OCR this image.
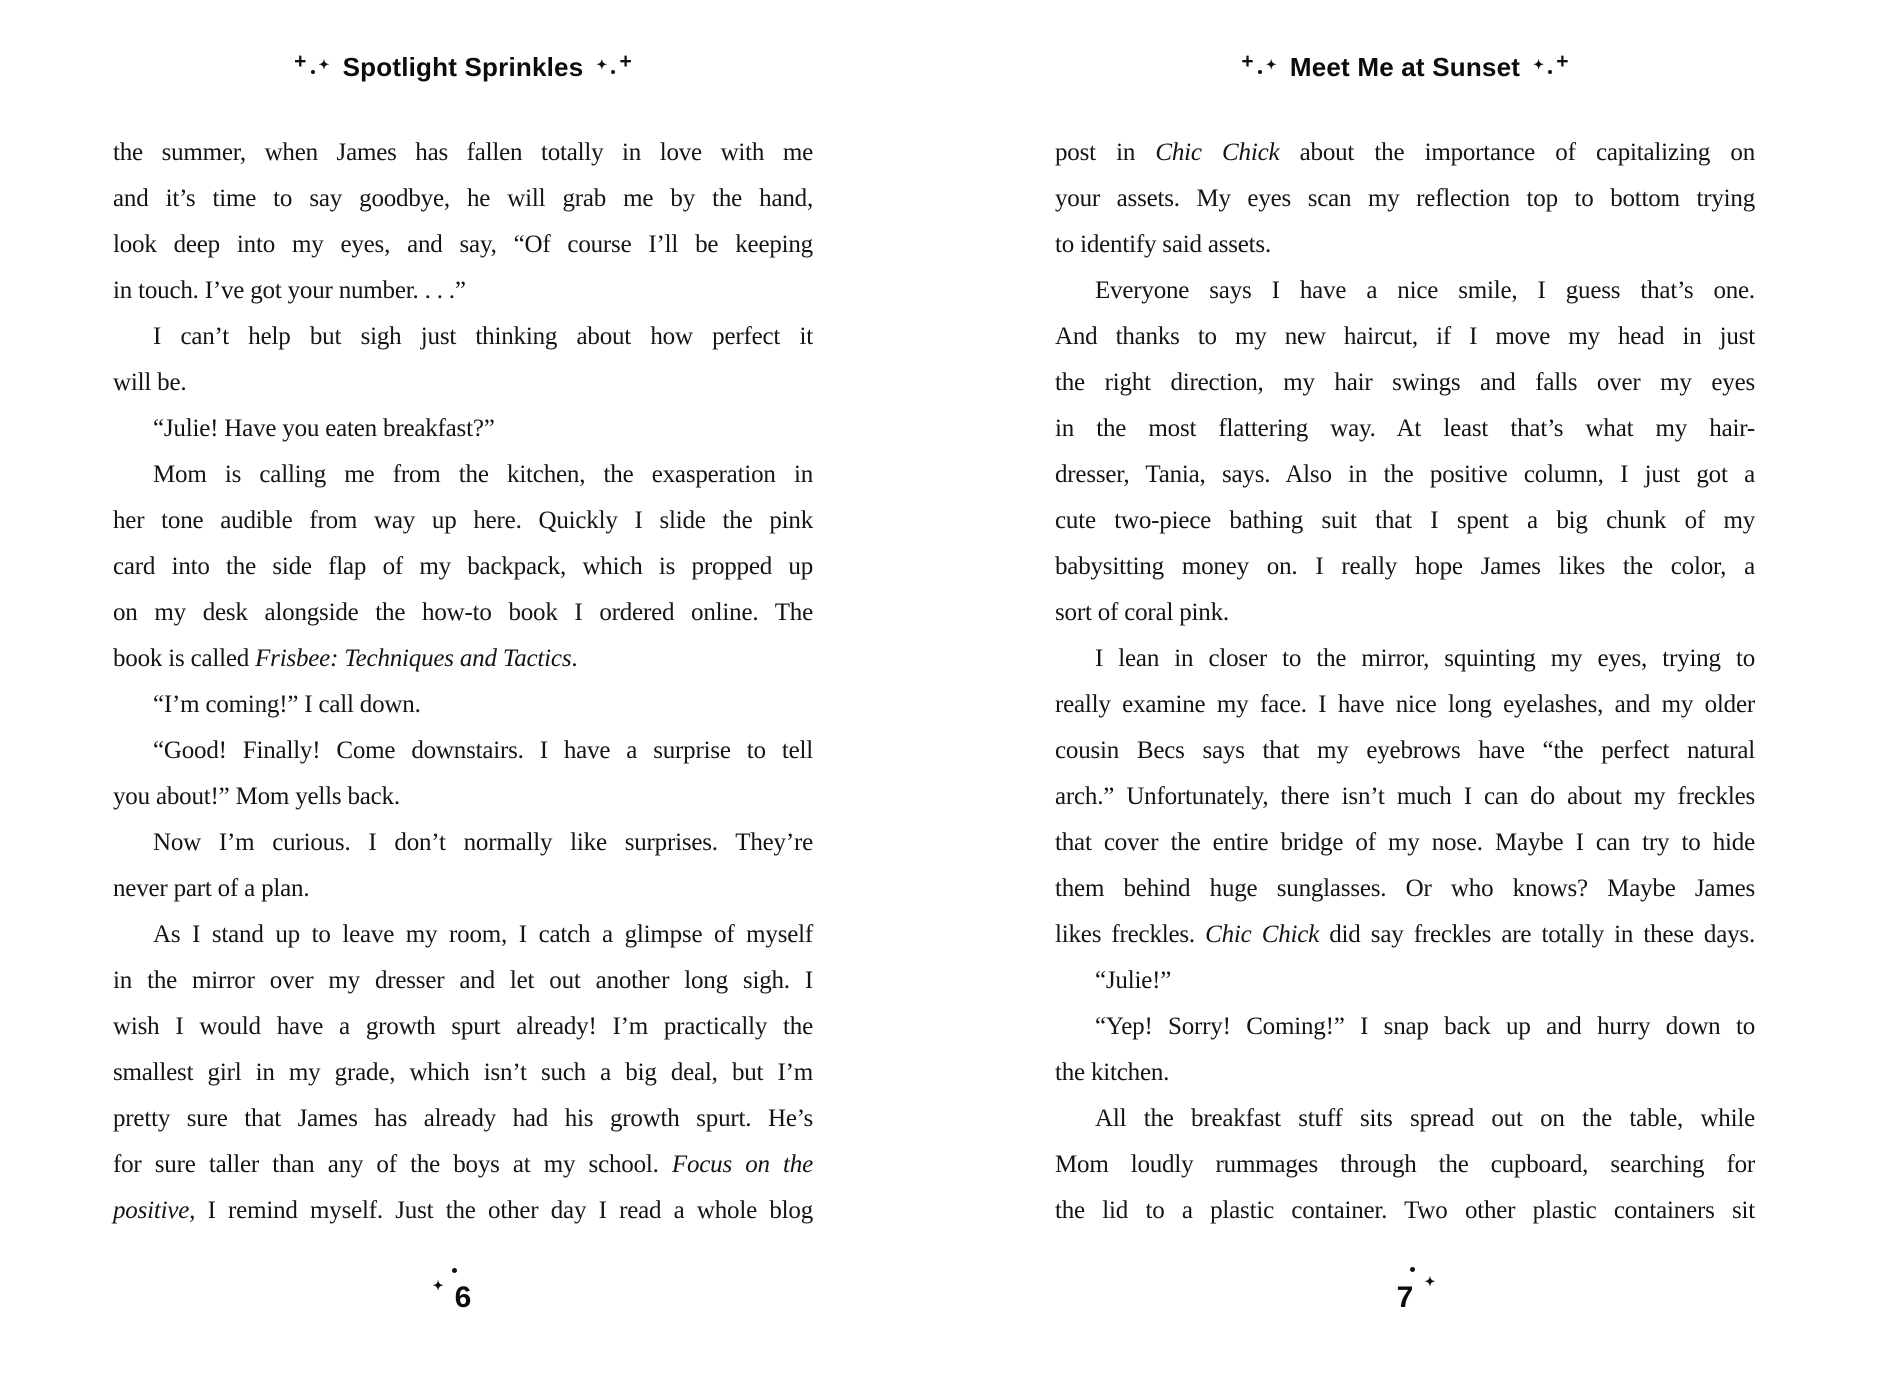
+ ✦ Spotlight Sprinkles +
✦
the summer, when James has fallen totally in love with me
and it’s time to say goodbye, he will grab me by the hand,
look deep into my eyes, and say, “Of course I’ll be keeping
in touch. I’ve got your number. . . .”
I can’t help but sigh just thinking about how perfect it
will be.
“Julie! Have you eaten breakfast?”
Mom is calling me from the kitchen, the exasperation in
her tone audible from way up here. Quickly I slide the pink
card into the side flap of my backpack, which is propped up
on my desk alongside the how-to book I ordered online. The
book is called Frisbee: Techniques and Tactics.
“I’m coming!” I call down.
“Good! Finally! Come downstairs. I have a surprise to tell
you about!” Mom yells back.
Now I’m curious. I don’t normally like surprises. They’re
never part of a plan.
As I stand up to leave my room, I catch a glimpse of myself
in the mirror over my dresser and let out another long sigh. I
wish I would have a growth spurt already! I’m practically the
smallest girl in my grade, which isn’t such a big deal, but I’m
pretty sure that James has already had his growth spurt. He’s
for sure taller than any of the boys at my school. Focus on the
positive, I remind myself. Just the other day I read a whole blog
✦ 6
+ ✦ Meet Me at Sunset +
✦
post in Chic Chick about the importance of capitalizing on
your assets. My eyes scan my reflection top to bottom trying
to identify said assets.
Everyone says I have a nice smile, I guess that’s one.
And thanks to my new haircut, if I move my head in just
the right direction, my hair swings and falls over my eyes
in the most flattering way. At least that’s what my hair-
dresser, Tania, says. Also in the positive column, I just got a
cute two-piece bathing suit that I spent a big chunk of my
babysitting money on. I really hope James likes the color, a
sort of coral pink.
I lean in closer to the mirror, squinting my eyes, trying to
really examine my face. I have nice long eyelashes, and my older
cousin Becs says that my eyebrows have “the perfect natural
arch.” Unfortunately, there isn’t much I can do about my freckles
that cover the entire bridge of my nose. Maybe I can try to hide
them behind huge sunglasses. Or who knows? Maybe James
likes freckles. Chic Chick did say freckles are totally in these days.
“Julie!”
“Yep! Sorry! Coming!” I snap back up and hurry down to
the kitchen.
All the breakfast stuff sits spread out on the table, while
Mom loudly rummages through the cupboard, searching for
the lid to a plastic container. Two other plastic containers sit
✦
7
